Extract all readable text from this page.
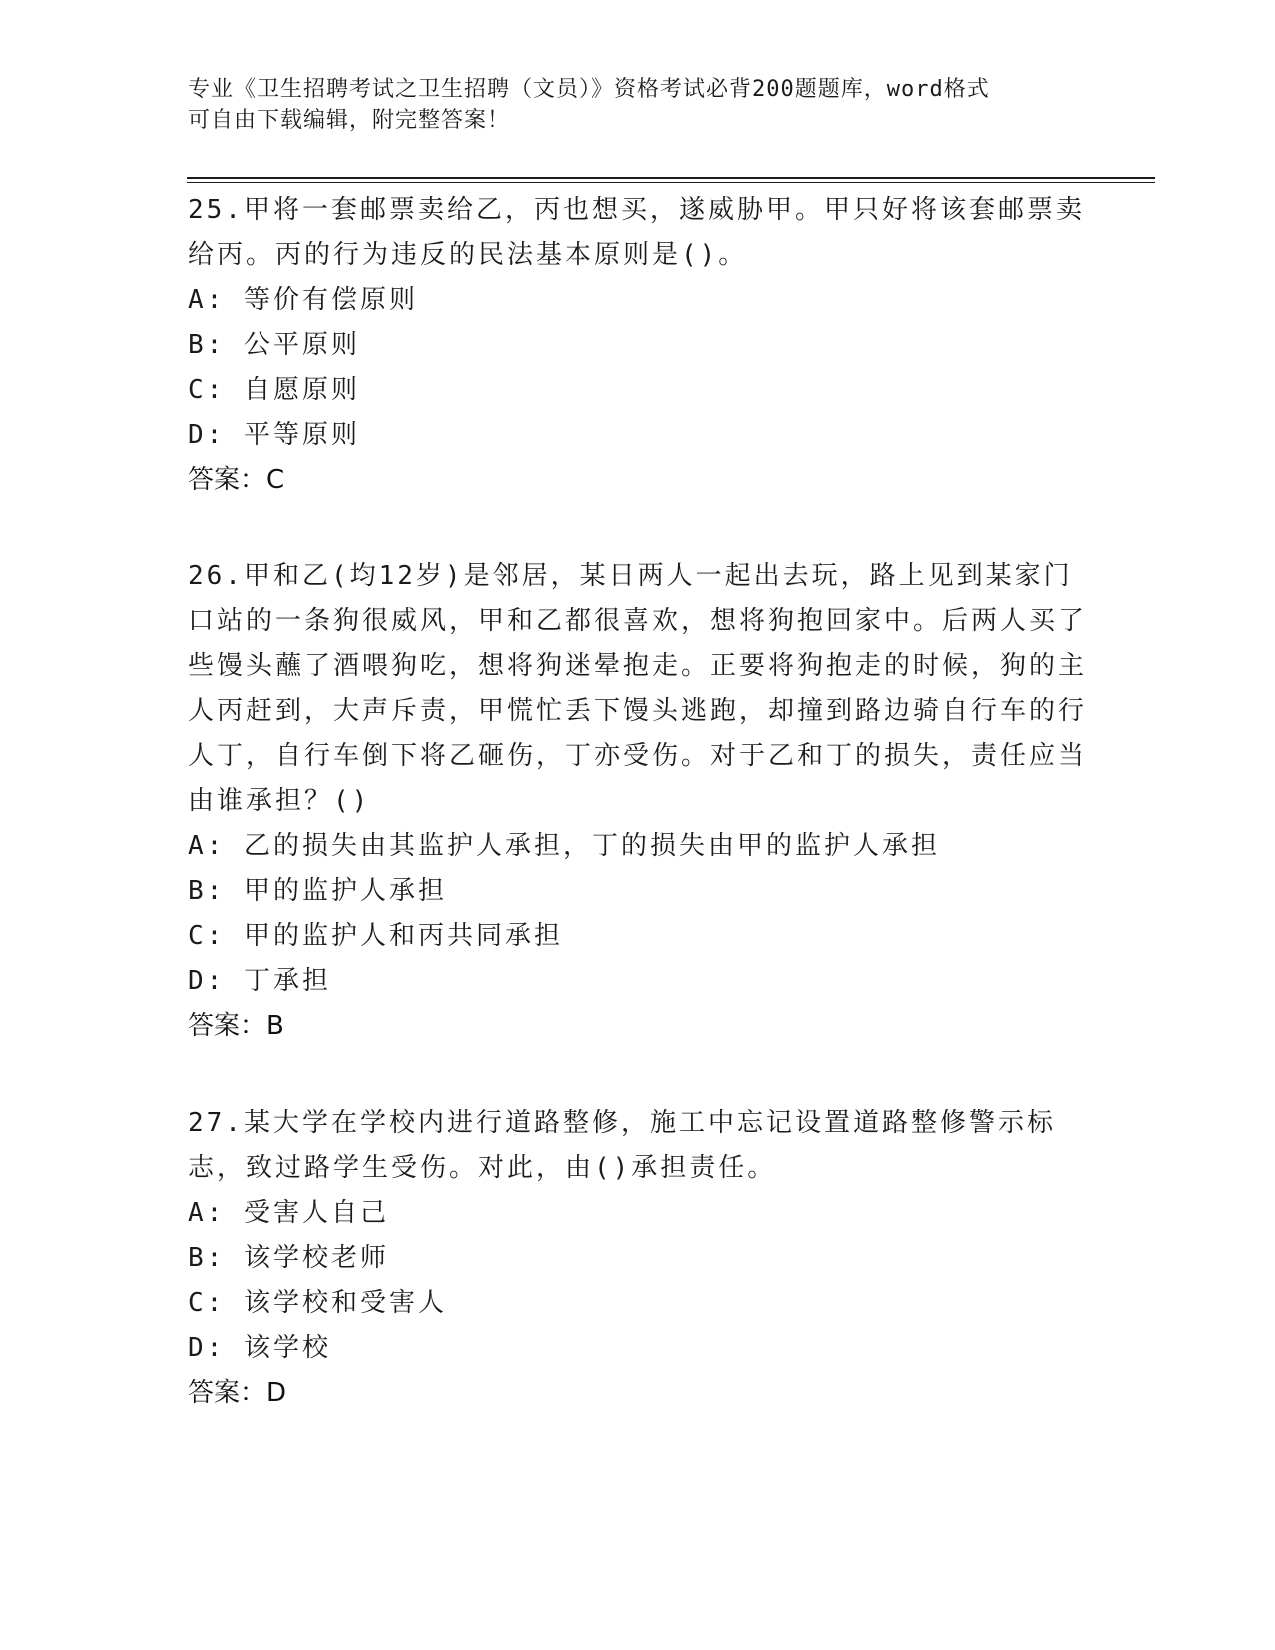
专业《卫生招聘考试之卫生招聘（文员）》资格考试必背200题题库，word格式
可自由下载编辑，附完整答案！

25.甲将一套邮票卖给乙，丙也想买，遂威胁甲。甲只好将该套邮票卖给丙。丙的行为违反的民法基本原则是()。

A: 等价有偿原则

B: 公平原则

C: 自愿原则

D: 平等原则

答案：C

26.甲和乙(均12岁)是邻居，某日两人一起出去玩，路上见到某家门口站的一条狗很威风，甲和乙都很喜欢，想将狗抱回家中。后两人买了些馒头蘸了酒喂狗吃，想将狗迷晕抱走。正要将狗抱走的时候，狗的主人丙赶到，大声斥责，甲慌忙丢下馒头逃跑，却撞到路边骑自行车的行人丁，自行车倒下将乙砸伤，丁亦受伤。对于乙和丁的损失，责任应当由谁承担？()

A: 乙的损失由其监护人承担，丁的损失由甲的监护人承担

B: 甲的监护人承担

C: 甲的监护人和丙共同承担

D: 丁承担

答案：B

27.某大学在学校内进行道路整修，施工中忘记设置道路整修警示标志，致过路学生受伤。对此，由()承担责任。

A: 受害人自己

B: 该学校老师

C: 该学校和受害人

D: 该学校

答案：D
